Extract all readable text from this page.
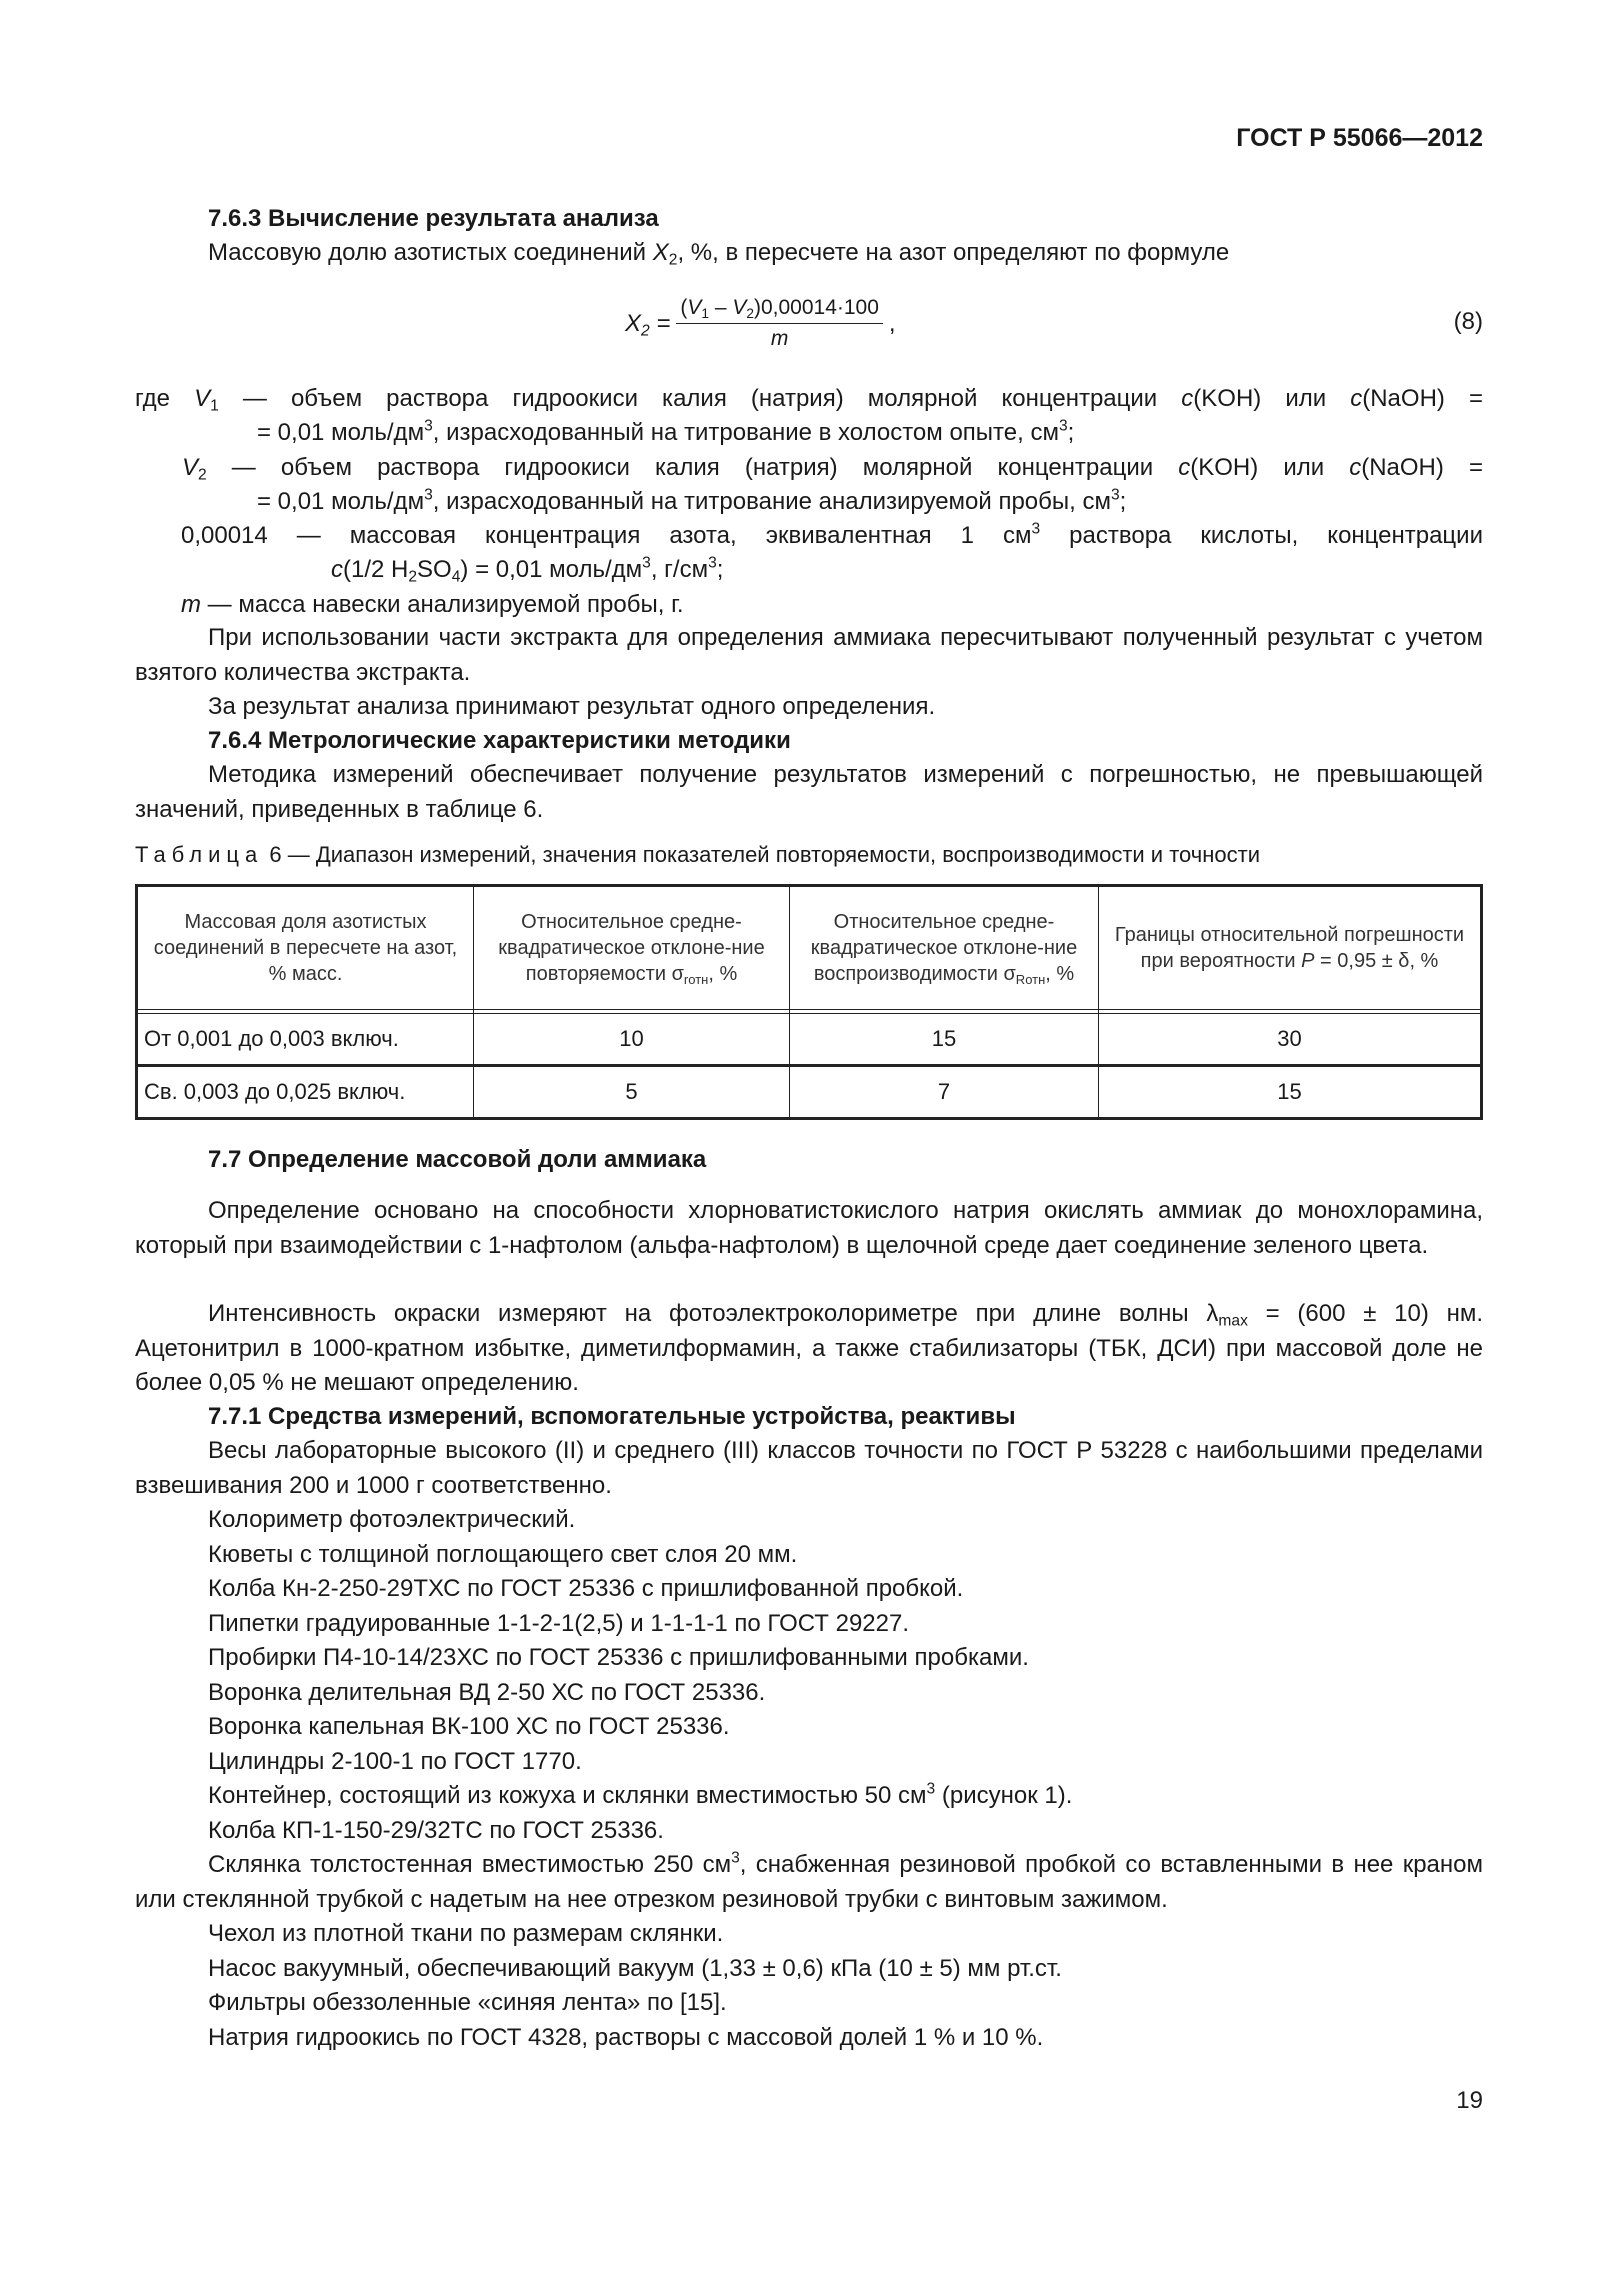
ГОСТ Р 55066—2012
7.6.3 Вычисление результата анализа
Массовую долю азотистых соединений $X_2$, %, в пересчете на азот определяют по формуле
$X_2 = \frac{(V_1 - V_2)0,00014\cdot 100}{m}$ ,	(8)
где $V_1$ — объем раствора гидроокиси калия (натрия) молярной концентрации c(KOH) или c(NaOH) =
= 0,01 моль/$дм^3$, израсходованный на титрование в холостом опыте, $см^3$;
$V_2$ — объем раствора гидроокиси калия (натрия) молярной концентрации c(KOH) или c(NaOH) =
= 0,01 моль/$дм^3$, израсходованный на титрование анализируемой пробы, $см^3$;
0,00014 — массовая концентрация азота, эквивалентная 1 $см^3$ раствора кислоты, концентрации
c(1/2 $H_2SO_4) = 0,01$ моль/$дм^3$, $г/см^3$;
m — масса навески анализируемой пробы, г.
При использовании части экстракта для определения аммиака пересчитывают полученный результат с учетом взятого количества экстракта.
За результат анализа принимают результат одного определения.
7.6.4 Метрологические характеристики методики
Методика измерений обеспечивает получение результатов измерений с погрешностью, не превышающей значений, приведенных в таблице 6.
Таблица 6 — Диапазон измерений, значения показателей повторяемости, воспроизводимости и точности
Массовая доля азотистых соединений в пересчете на азот, % масс.	Относительное средне-квадратическое отклоне-ние повторяемости $\sigma_{rотн}$, %	Относительное средне-квадратическое отклоне-ние воспроизводимости $\sigma_{Rотн}$, %	Границы относительной погрешности при вероятности P = 0,95 ± δ, %

От 0,001 до 0,003 включ.	10	15	30
Св. 0,003 до 0,025 включ.	5	7	15
7.7 Определение массовой доли аммиака
Определение основано на способности хлорноватистокислого натрия окислять аммиак до монохлорамина, который при взаимодействии с 1-нафтолом (альфа-нафтолом) в щелочной среде дает соединение зеленого цвета.
Интенсивность окраски измеряют на фотоэлектроколориметре при длине волны $\lambda_{max} = (600 \pm 10)$ нм. Ацетонитрил в 1000-кратном избытке, диметилформамин, а также стабилизаторы (ТБК, ДСИ) при массовой доле не более 0,05 % не мешают определению.
7.7.1 Средства измерений, вспомогательные устройства, реактивы
Весы лабораторные высокого (II) и среднего (III) классов точности по ГОСТ Р 53228 с наибольшими пределами взвешивания 200 и 1000 г соответственно.
Колориметр фотоэлектрический.
Кюветы с толщиной поглощающего свет слоя 20 мм.
Колба Кн-2-250-29ТХС по ГОСТ 25336 с пришлифованной пробкой.
Пипетки градуированные 1-1-2-1(2,5) и 1-1-1-1 по ГОСТ 29227.
Пробирки П4-10-14/23ХС по ГОСТ 25336 с пришлифованными пробками.
Воронка делительная ВД 2-50 ХС по ГОСТ 25336.
Воронка капельная ВК-100 ХС по ГОСТ 25336.
Цилиндры 2-100-1 по ГОСТ 1770.
Контейнер, состоящий из кожуха и склянки вместимостью 50 $см^3$ (рисунок 1).
Колба КП-1-150-29/32ТС по ГОСТ 25336.
Склянка толстостенная вместимостью 250 $см^3$, снабженная резиновой пробкой со вставленными в нее краном или стеклянной трубкой с надетым на нее отрезком резиновой трубки с винтовым зажимом.
Чехол из плотной ткани по размерам склянки.
Насос вакуумный, обеспечивающий вакуум (1,33 ± 0,6) кПа (10 ± 5) мм рт.ст.
Фильтры обеззоленные «синяя лента» по [15].
Натрия гидроокись по ГОСТ 4328, растворы с массовой долей 1 % и 10 %.
19
